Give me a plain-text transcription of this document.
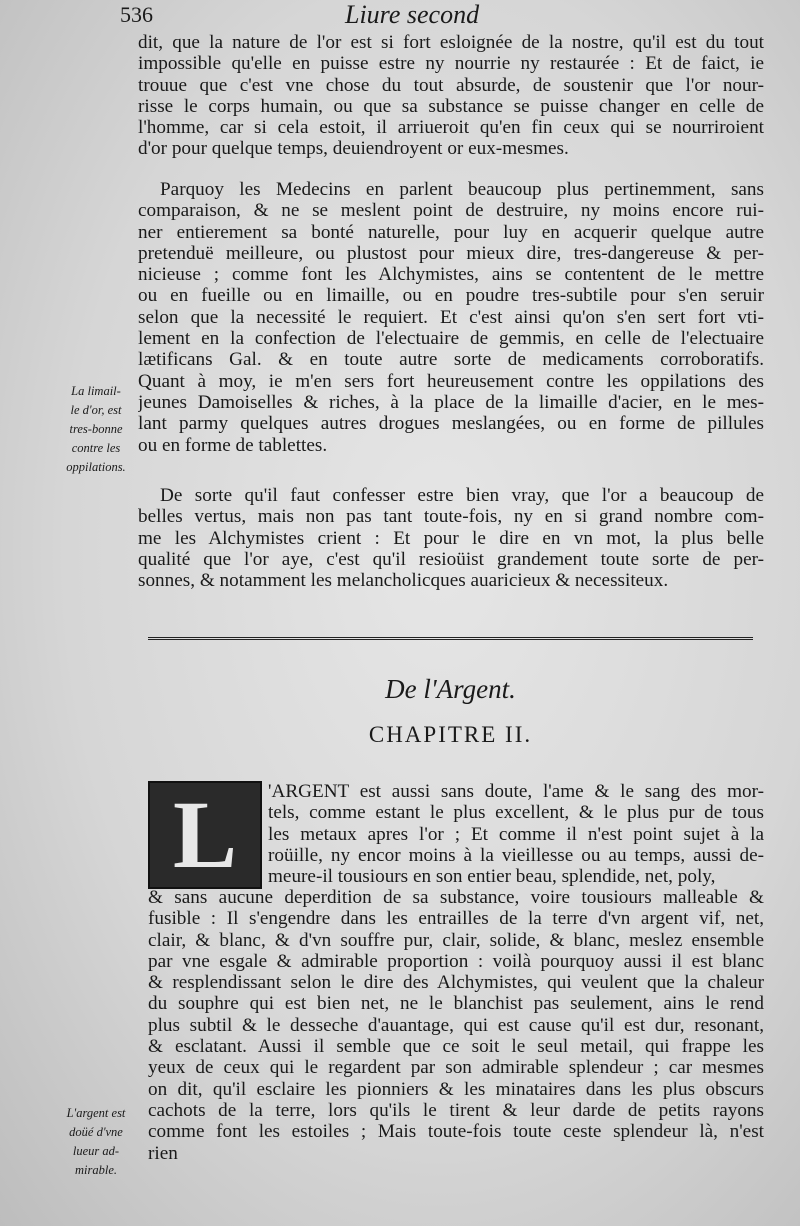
536	Liure second
dit, que la nature de l'or est si fort esloignée de la nostre, qu'il est du tout
impossible qu'elle en puisse estre ny nourrie ny restaurée : Et de faict, ie
trouue que c'est vne chose du tout absurde, de soustenir que l'or nour-
risse le corps humain, ou que sa substance se puisse changer en celle de
l'homme, car si cela estoit, il arriueroit qu'en fin ceux qui se nourriroient
d'or pour quelque temps, deuiendroyent or eux-mesmes.
Parquoy les Medecins en parlent beaucoup plus pertinemment, sans
comparaison, & ne se meslent point de destruire, ny moins encore rui-
ner entierement sa bonté naturelle, pour luy en acquerir quelque autre
pretenduë meilleure, ou plustost pour mieux dire, tres-dangereuse & per-
nicieuse ; comme font les Alchymistes, ains se contentent de le mettre
ou en fueille ou en limaille, ou en poudre tres-subtile pour s'en seruir
selon que la necessité le requiert. Et c'est ainsi qu'on s'en sert fort vti-
lement en la confection de l'electuaire de gemmis, en celle de l'electuaire
lætificans Gal. & en toute autre sorte de medicaments corroboratifs.
Quant à moy, ie m'en sers fort heureusement contre les oppilations des
jeunes Damoiselles & riches, à la place de la limaille d'acier, en le mes-
lant parmy quelques autres drogues meslangées, ou en forme de pillules
ou en forme de tablettes.
La limail-
le d'or, est
tres-bonne
contre les
oppilations.
De sorte qu'il faut confesser estre bien vray, que l'or a beaucoup de
belles vertus, mais non pas tant toute-fois, ny en si grand nombre com-
me les Alchymistes crient : Et pour le dire en vn mot, la plus belle
qualité que l'or aye, c'est qu'il resioüist grandement toute sorte de per-
sonnes, & notamment les melancholicques auaricieux & necessiteux.
De l'Argent.
CHAPITRE II.
L	'ARGENT est aussi sans doute, l'ame & le sang des mor-
tels, comme estant le plus excellent, & le plus pur de tous
les metaux apres l'or ; Et comme il n'est point sujet à la
roüille, ny encor moins à la vieillesse ou au temps, aussi de-
meure-il tousiours en son entier beau, splendide, net, poly,
& sans aucune deperdition de sa substance, voire tousiours malleable &
fusible : Il s'engendre dans les entrailles de la terre d'vn argent vif, net,
clair, & blanc, & d'vn souffre pur, clair, solide, & blanc, meslez ensemble
par vne esgale & admirable proportion : voilà pourquoy aussi il est blanc
& resplendissant selon le dire des Alchymistes, qui veulent que la chaleur
du souphre qui est bien net, ne le blanchist pas seulement, ains le rend
plus subtil & le desseche d'auantage, qui est cause qu'il est dur, resonant,
& esclatant. Aussi il semble que ce soit le seul metail, qui frappe les
yeux de ceux qui le regardent par son admirable splendeur ; car mesmes
on dit, qu'il esclaire les pionniers & les minataires dans les plus obscurs
cachots de la terre, lors qu'ils le tirent & leur darde de petits rayons
comme font les estoiles ; Mais toute-fois toute ceste splendeur là, n'est
rien
L'argent est
doüé d'vne
lueur ad-
mirable.
